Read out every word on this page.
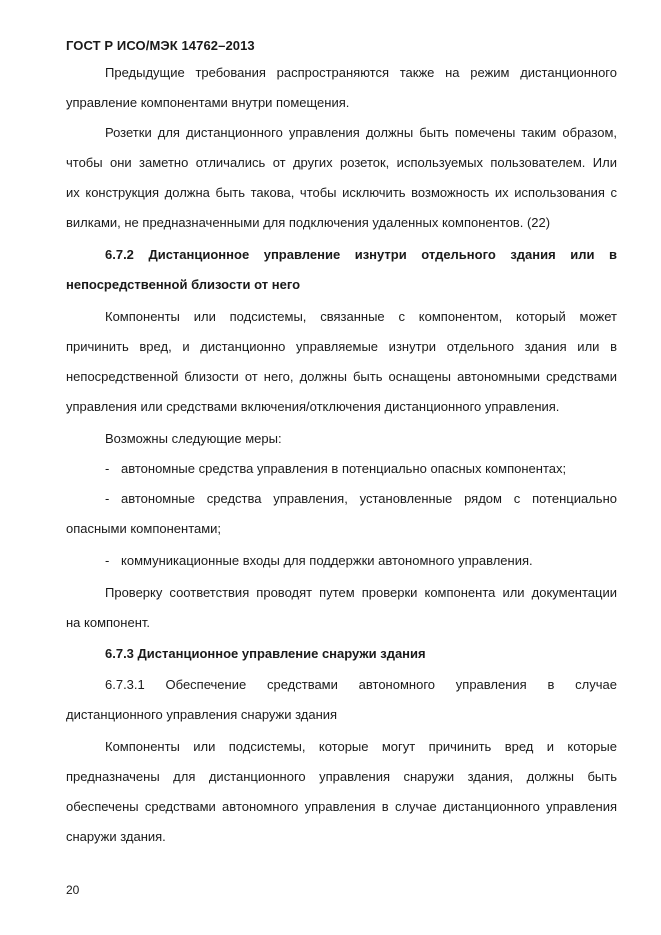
ГОСТ Р ИСО/МЭК 14762–2013
Предыдущие требования распространяются также на режим дистанционного
управление компонентами внутри помещения.
Розетки для дистанционного управления должны быть помечены таким образом,
чтобы они заметно отличались от других розеток, используемых пользователем. Или
их конструкция должна быть такова, чтобы исключить возможность их использования с
вилками, не предназначенными для подключения удаленных компонентов. (22)
6.7.2 Дистанционное управление изнутри отдельного здания или в
непосредственной близости от него
Компоненты или подсистемы, связанные с компонентом, который может
причинить вред, и дистанционно управляемые изнутри отдельного здания или в
непосредственной близости от него, должны быть оснащены автономными средствами
управления или средствами включения/отключения дистанционного управления.
Возможны следующие меры:
- автономные средства управления в потенциально опасных компонентах;
- автономные средства управления, установленные рядом с потенциально
опасными компонентами;
- коммуникационные входы для поддержки автономного управления.
Проверку соответствия проводят путем проверки компонента или документации
на компонент.
6.7.3 Дистанционное управление снаружи здания
6.7.3.1 Обеспечение средствами автономного управления в случае
дистанционного управления снаружи здания
Компоненты или подсистемы, которые могут причинить вред и которые
предназначены для дистанционного управления снаружи здания, должны быть
обеспечены средствами автономного управления в случае дистанционного управления
снаружи здания.
20
